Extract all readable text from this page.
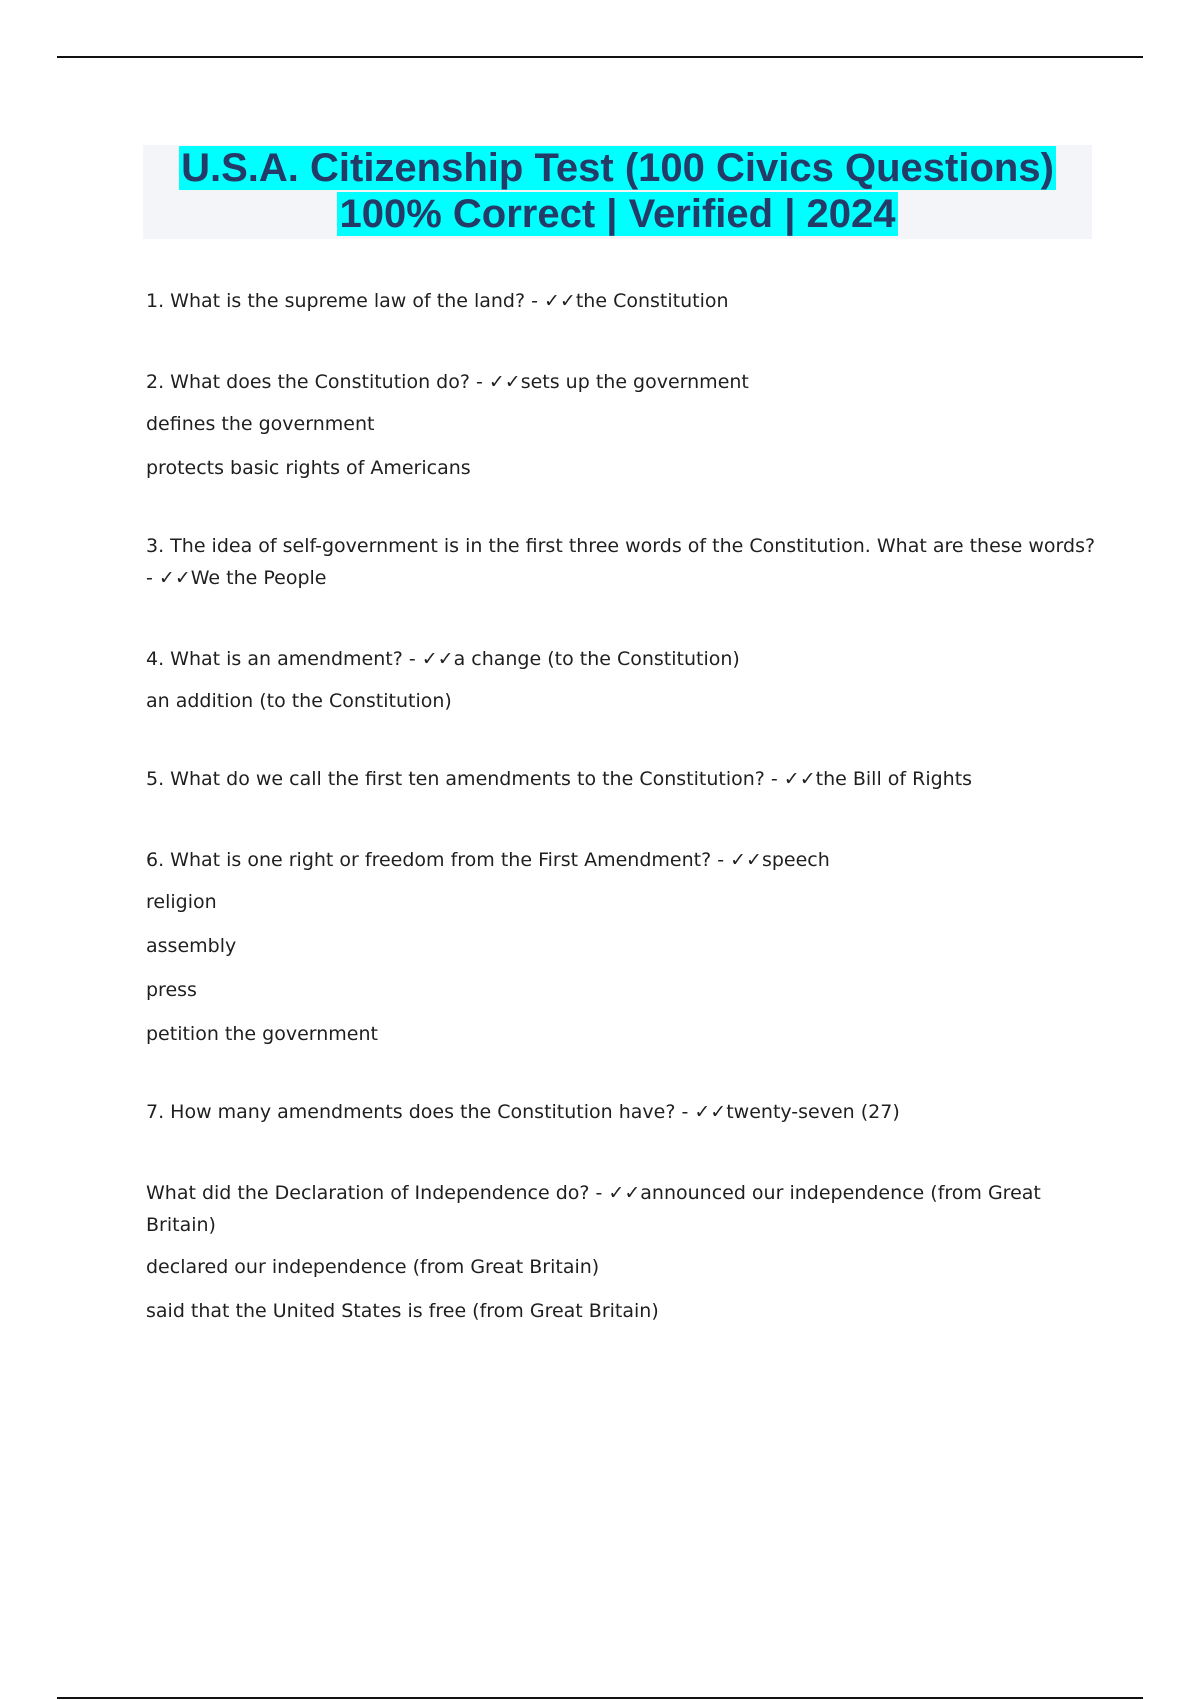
U.S.A. Citizenship Test (100 Civics Questions)
100% Correct | Verified | 2024

1. What is the supreme law of the land? - ✓✓the Constitution

2. What does the Constitution do? - ✓✓sets up the government

defines the government
protects basic rights of Americans

3. The idea of self-government is in the first three words of the Constitution. What are these words? - ✓✓We the People

4. What is an amendment? - ✓✓a change (to the Constitution)

an addition (to the Constitution)

5. What do we call the first ten amendments to the Constitution? - ✓✓the Bill of Rights

6. What is one right or freedom from the First Amendment? - ✓✓speech

religion
assembly
press
petition the government

7. How many amendments does the Constitution have? - ✓✓twenty-seven (27)

What did the Declaration of Independence do? - ✓✓announced our independence (from Great Britain)

declared our independence (from Great Britain)
said that the United States is free (from Great Britain)
